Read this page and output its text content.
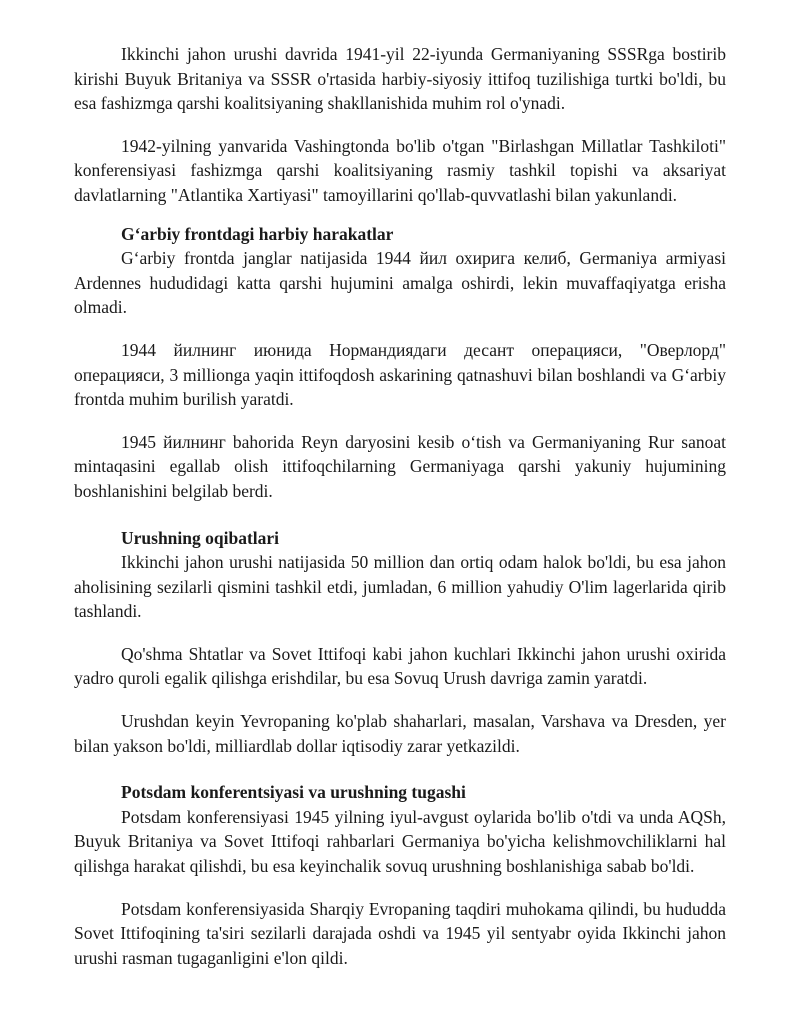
Ikkinchi jahon urushi davrida 1941-yil 22-iyunda Germaniyaning SSSRga bostirib kirishi Buyuk Britaniya va SSSR o'rtasida harbiy-siyosiy ittifoq tuzilishiga turtki bo'ldi, bu esa fashizmga qarshi koalitsiyaning shakllanishida muhim rol o'ynadi.

1942-yilning yanvarida Vashingtonda bo'lib o'tgan "Birlashgan Millatlar Tashkiloti" konferensiyasi fashizmga qarshi koalitsiyaning rasmiy tashkil topishi va aksariyat davlatlarning "Atlantika Xartiyasi" tamoyillarini qo'llab-quvvatlashi bilan yakunlandi.

G‘arbiy frontdagi harbiy harakatlar

G‘arbiy frontda janglar natijasida 1944 йил охирига келиб, Germaniya armiyasi Ardennes hududidagi katta qarshi hujumini amalga oshirdi, lekin muvaffaqiyatga erisha olmadi.

1944 йилнинг июнида Нормандиядаги десант операцияси, "Оверлорд" операцияси, 3 millionga yaqin ittifoqdosh askarining qatnashuvi bilan boshlandi va G‘arbiy frontda muhim burilish yaratdi.

1945 йилнинг bahorida Reyn daryosini kesib o‘tish va Germaniyaning Rur sanoat mintaqasini egallab olish ittifoqchilarning Germaniyaga qarshi yakuniy hujumining boshlanishini belgilab berdi.

Urushning oqibatlari

Ikkinchi jahon urushi natijasida 50 million dan ortiq odam halok bo'ldi, bu esa jahon aholisining sezilarli qismini tashkil etdi, jumladan, 6 million yahudiy O'lim lagerlarida qirib tashlandi.

Qo'shma Shtatlar va Sovet Ittifoqi kabi jahon kuchlari Ikkinchi jahon urushi oxirida yadro quroli egalik qilishga erishdilar, bu esa Sovuq Urush davriga zamin yaratdi.

Urushdan keyin Yevropaning ko'plab shaharlari, masalan, Varshava va Dresden, yer bilan yakson bo'ldi, milliardlab dollar iqtisodiy zarar yetkazildi.

Potsdam konferentsiyasi va urushning tugashi

Potsdam konferensiyasi 1945 yilning iyul-avgust oylarida bo'lib o'tdi va unda AQSh, Buyuk Britaniya va Sovet Ittifoqi rahbarlari Germaniya bo'yicha kelishmovchiliklarni hal qilishga harakat qilishdi, bu esa keyinchalik sovuq urushning boshlanishiga sabab bo'ldi.

Potsdam konferensiyasida Sharqiy Evropaning taqdiri muhokama qilindi, bu hududda Sovet Ittifoqining ta'siri sezilarli darajada oshdi va 1945 yil sentyabr oyida Ikkinchi jahon urushi rasman tugaganligini e'lon qildi.
